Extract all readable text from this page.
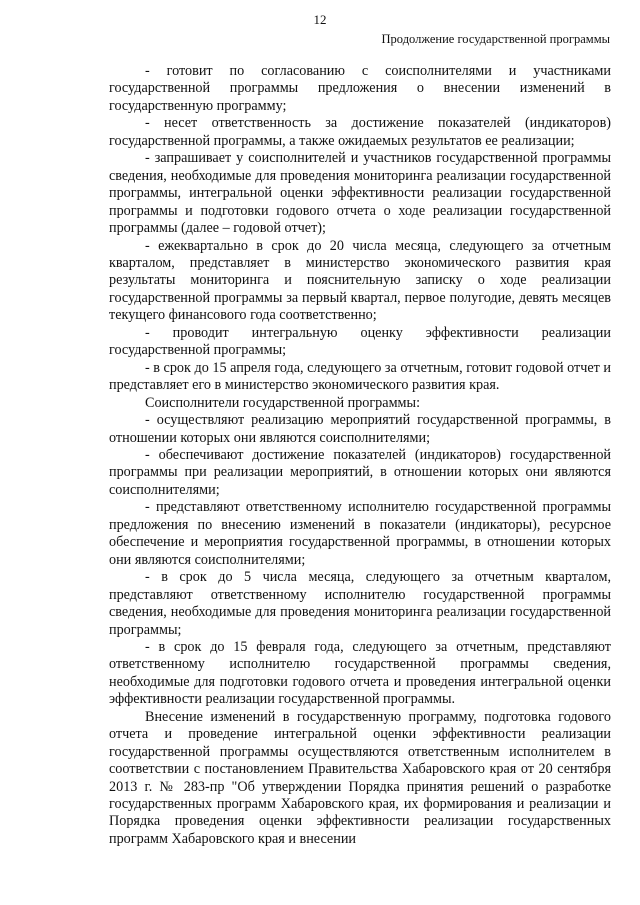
12
Продолжение государственной программы

- готовит по согласованию с соисполнителями и участниками государственной программы предложения о внесении изменений в государственную программу;

- несет ответственность за достижение показателей (индикаторов) государственной программы, а также ожидаемых результатов ее реализации;

- запрашивает у соисполнителей и участников государственной программы сведения, необходимые для проведения мониторинга реализации государственной программы, интегральной оценки эффективности реализации государственной программы и подготовки годового отчета о ходе реализации государственной программы (далее – годовой отчет);

- ежеквартально в срок до 20 числа месяца, следующего за отчетным кварталом, представляет в министерство экономического развития края результаты мониторинга и пояснительную записку о ходе реализации государственной программы за первый квартал, первое полугодие, девять месяцев текущего финансового года соответственно;

- проводит интегральную оценку эффективности реализации государственной программы;

- в срок до 15 апреля года, следующего за отчетным, готовит годовой отчет и представляет его в министерство экономического развития края.

Соисполнители государственной программы:

- осуществляют реализацию мероприятий государственной программы, в отношении которых они являются соисполнителями;

- обеспечивают достижение показателей (индикаторов) государственной программы при реализации мероприятий, в отношении которых они являются соисполнителями;

- представляют ответственному исполнителю государственной программы предложения по внесению изменений в показатели (индикаторы), ресурсное обеспечение и мероприятия государственной программы, в отношении которых они являются соисполнителями;

- в срок до 5 числа месяца, следующего за отчетным кварталом, представляют ответственному исполнителю государственной программы сведения, необходимые для проведения мониторинга реализации государственной программы;

- в срок до 15 февраля года, следующего за отчетным, представляют ответственному исполнителю государственной программы сведения, необходимые для подготовки годового отчета и проведения интегральной оценки эффективности реализации государственной программы.

Внесение изменений в государственную программу, подготовка годового отчета и проведение интегральной оценки эффективности реализации государственной программы осуществляются ответственным исполнителем в соответствии с постановлением Правительства Хабаровского края от 20 сентября 2013 г. № 283-пр "Об утверждении Порядка принятия решений о разработке государственных программ Хабаровского края, их формирования и реализации и Порядка проведения оценки эффективности реализации государственных программ Хабаровского края и внесении
